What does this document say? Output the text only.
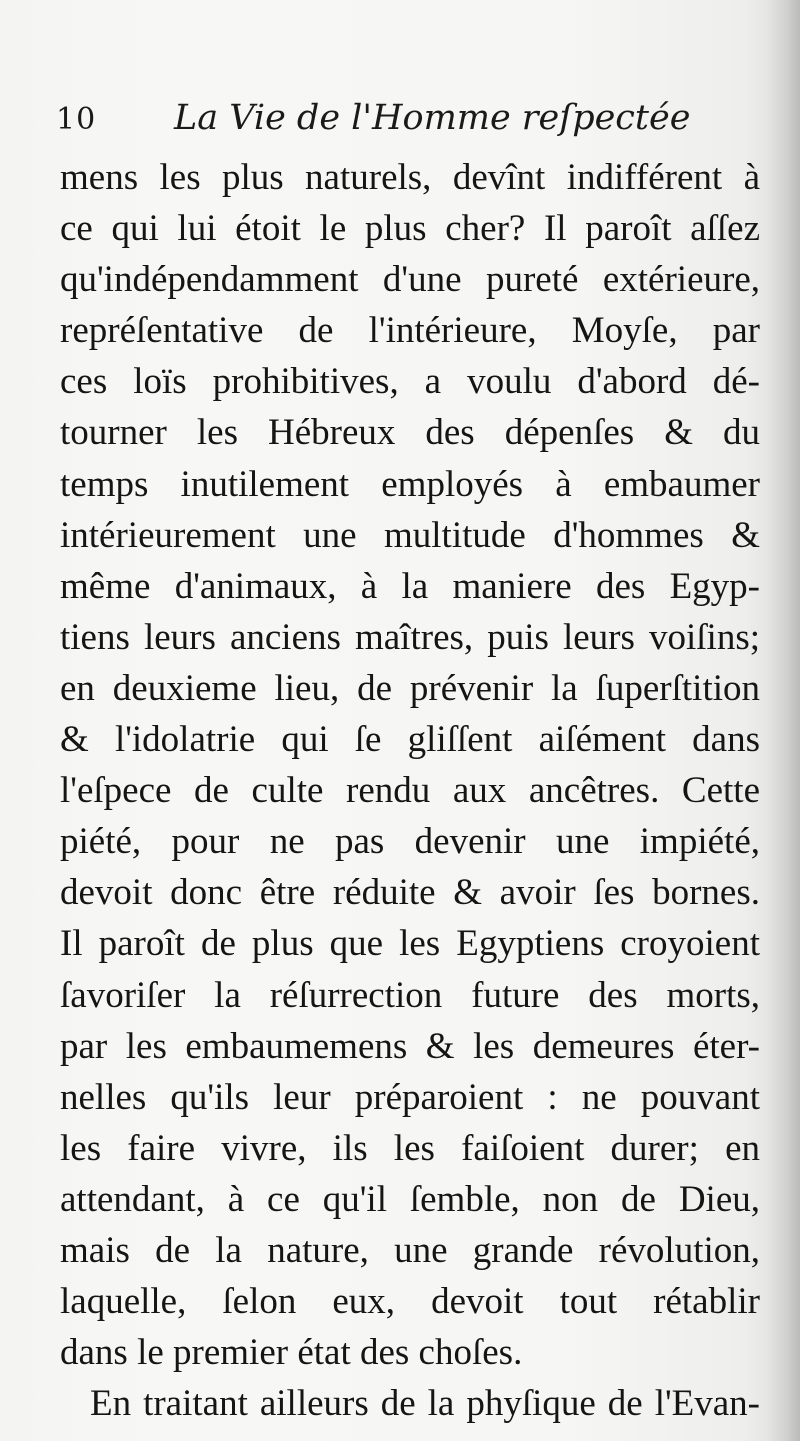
10 La Vie de l'Homme reſpectée
mens les plus naturels, devînt indifférent à
ce qui lui étoit le plus cher? Il paroît aſſez
qu'indépendamment d'une pureté extérieure,
repréſentative de l'intérieure, Moyſe, par
ces loïs prohibitives, a voulu d'abord dé-
tourner les Hébreux des dépenſes & du
temps inutilement employés à embaumer
intérieurement une multitude d'hommes &
même d'animaux, à la maniere des Egyp-
tiens leurs anciens maîtres, puis leurs voiſins;
en deuxieme lieu, de prévenir la ſuperſtition
& l'idolatrie qui ſe gliſſent aiſément dans
l'eſpece de culte rendu aux ancêtres. Cette
piété, pour ne pas devenir une impiété,
devoit donc être réduite & avoir ſes bornes.
Il paroît de plus que les Egyptiens croyoient
ſavoriſer la réſurrection future des morts,
par les embaumemens & les demeures éter-
nelles qu'ils leur préparoient : ne pouvant
les faire vivre, ils les faiſoient durer; en
attendant, à ce qu'il ſemble, non de Dieu,
mais de la nature, une grande révolution,
laquelle, ſelon eux, devoit tout rétablir
dans le premier état des choſes.
En traitant ailleurs de la phyſique de l'Evan-
